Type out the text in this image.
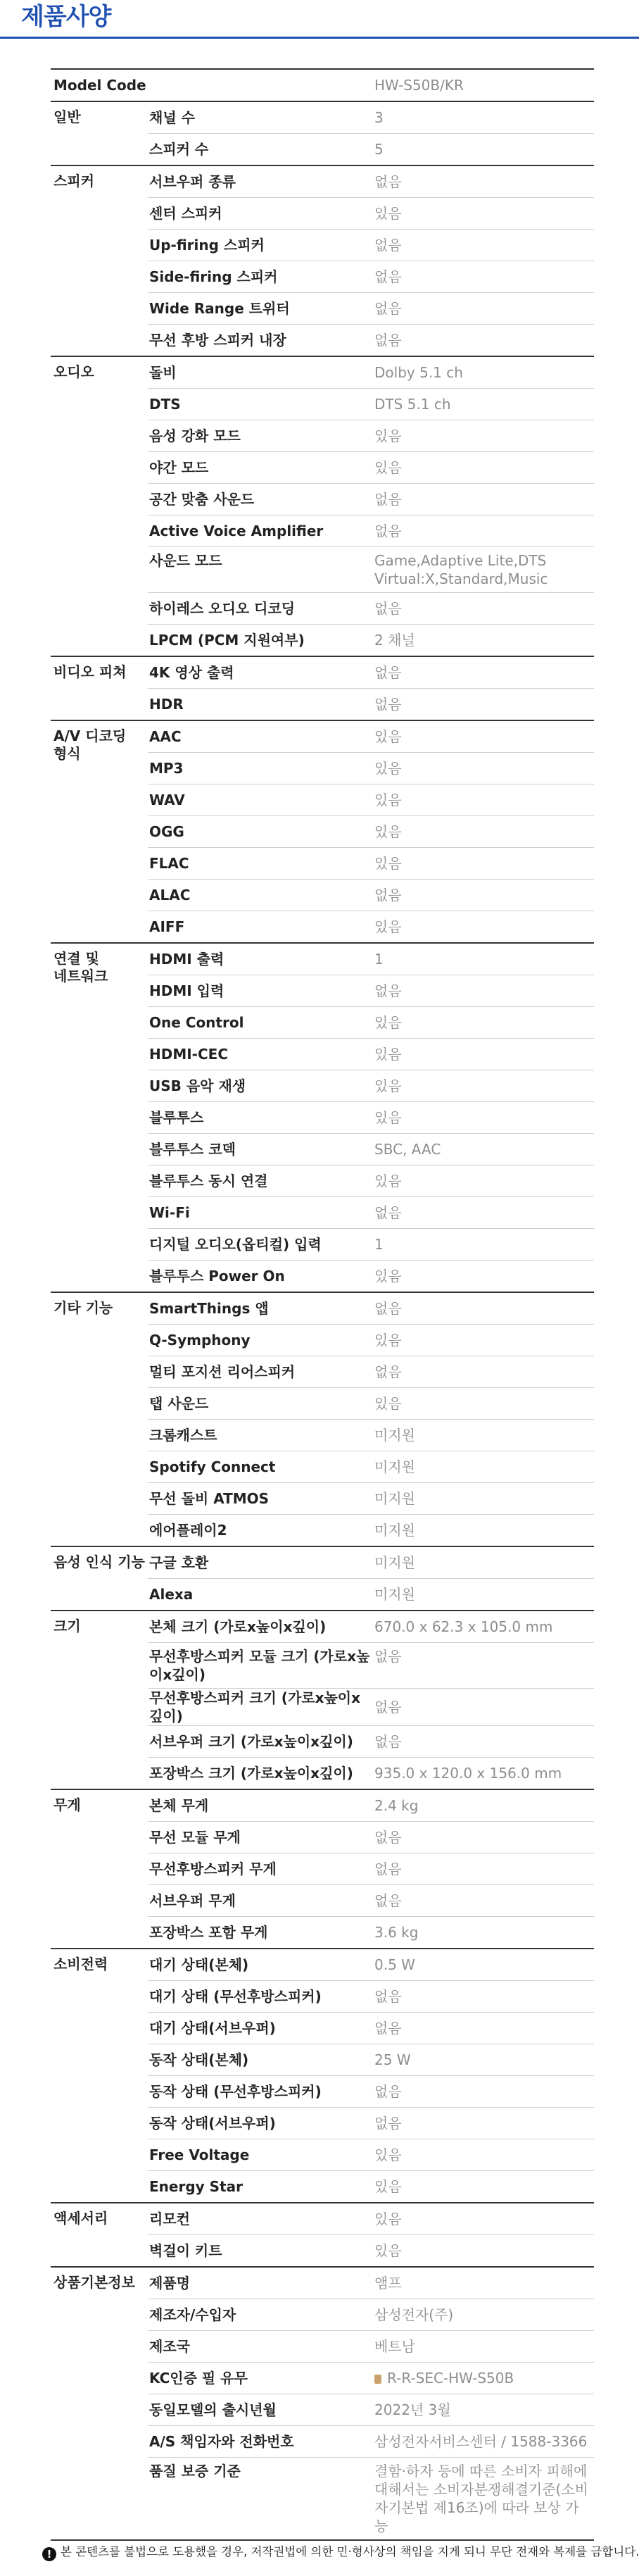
제품사양
Model Code		HW-S50B/KR
일반	채널 수	3
	스피커 수	5
스피커	서브우퍼 종류	없음
	센터 스피커	있음
	Up-firing 스피커	없음
	Side-firing 스피커	없음
	Wide Range 트위터	없음
	무선 후방 스피커 내장	없음
오디오	돌비	Dolby 5.1 ch
	DTS	DTS 5.1 ch
	음성 강화 모드	있음
	야간 모드	있음
	공간 맞춤 사운드	없음
	Active Voice Amplifier	없음
	사운드 모드	Game,Adaptive Lite,DTS Virtual:X,Standard,Music
	하이레스 오디오 디코딩	없음
	LPCM (PCM 지원여부)	2 채널
비디오 피쳐	4K 영상 출력	없음
	HDR	없음
A/V 디코딩 형식	AAC	있음
	MP3	있음
	WAV	있음
	OGG	있음
	FLAC	있음
	ALAC	없음
	AIFF	있음
연결 및 네트워크	HDMI 출력	1
	HDMI 입력	없음
	One Control	있음
	HDMI-CEC	있음
	USB 음악 재생	있음
	블루투스	있음
	블루투스 코덱	SBC, AAC
	블루투스 동시 연결	있음
	Wi-Fi	없음
	디지털 오디오(옵티컬) 입력	1
	블루투스 Power On	있음
기타 기능	SmartThings 앱	없음
	Q-Symphony	있음
	멀티 포지션 리어스피커	없음
	탭 사운드	있음
	크롬캐스트	미지원
	Spotify Connect	미지원
	무선 돌비 ATMOS	미지원
	에어플레이2	미지원
음성 인식 기능	구글 호환	미지원
	Alexa	미지원
크기	본체 크기 (가로x높이x깊이)	670.0 x 62.3 x 105.0 mm
	무선후방스피커 모듈 크기 (가로x높이x깊이)	없음
	무선후방스피커 크기 (가로x높이x깊이)	없음
	서브우퍼 크기 (가로x높이x깊이)	없음
	포장박스 크기 (가로x높이x깊이)	935.0 x 120.0 x 156.0 mm
무게	본체 무게	2.4 kg
	무선 모듈 무게	없음
	무선후방스피커 무게	없음
	서브우퍼 무게	없음
	포장박스 포함 무게	3.6 kg
소비전력	대기 상태(본체)	0.5 W
	대기 상태 (무선후방스피커)	없음
	대기 상태(서브우퍼)	없음
	동작 상태(본체)	25 W
	동작 상태 (무선후방스피커)	없음
	동작 상태(서브우퍼)	없음
	Free Voltage	있음
	Energy Star	있음
액세서리	리모컨	있음
	벽걸이 키트	있음
상품기본정보	제품명	앰프
	제조자/수입자	삼성전자(주)
	제조국	베트남
	KC인증 필 유무	R-R-SEC-HW-S50B
	동일모델의 출시년월	2022년 3월
	A/S 책임자와 전화번호	삼성전자서비스센터 / 1588-3366
	품질 보증 기준	결함·하자 등에 따른 소비자 피해에 대해서는 소비자분쟁해결기준(소비자기본법 제16조)에 따라 보상 가능
! 본 콘텐츠를 불법으로 도용했을 경우, 저작권법에 의한 민·형사상의 책임을 지게 되니 무단 전재와 복제를 금합니다.
